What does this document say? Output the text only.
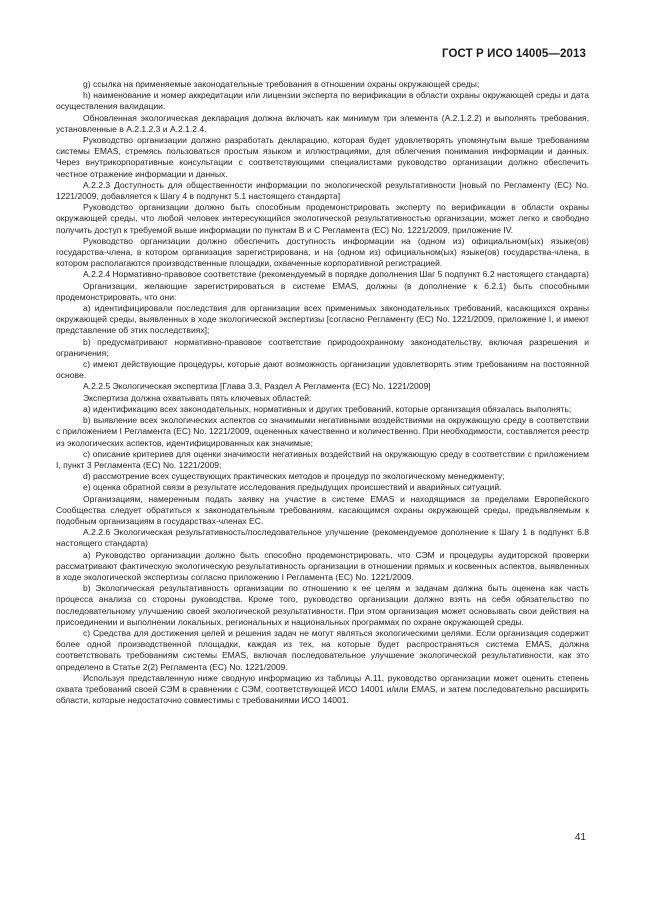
ГОСТ Р ИСО 14005—2013

g) ссылка на применяемые законодательные требования в отношении охраны окружающей среды;

h) наименование и номер аккредитации или лицензии эксперта по верификации в области охраны окружающей среды и дата осуществления валидации.

Обновленная экологическая декларация должна включать как минимум три элемента (А.2.1.2.2) и выполнять требования, установленные в А.2.1.2.3 и А.2.1.2.4.

Руководство организации должно разработать декларацию, которая будет удовлетворять упомянутым выше требованиям системы EMAS, стремясь пользоваться простым языком и иллюстрациями, для облегчения понимания информации и данных. Через внутрикорпоративные консультации с соответствующими специалистами руководство организации должно обеспечить честное отражение информации и данных.

А.2.2.3 Доступность для общественности информации по экологической результативности [новый по Регламенту (ЕС) No. 1221/2009, добавляется к Шагу 4 в подпункт 5.1 настоящего стандарта]

Руководство организации должно быть способным продемонстрировать эксперту по верификации в области охраны окружающей среды, что любой человек интересующийся экологической результативностью организации, может легко и свободно получить доступ к требуемой выше информации по пунктам В и С Регламента (ЕС) No. 1221/2009, приложение IV.

Руководство организации должно обеспечить доступность информации на (одном из) официальном(ых) языке(ов) государства-члена, в котором организация зарегистрирована, и на (одном из) официальном(ых) языке(ов) государства-члена, в котором располагаются производственные площадки, охваченные корпоративной регистрацией.

А.2.2.4 Нормативно-правовое соответствие (рекомендуемый в порядке дополнения Шаг 5 подпункт 6.2 настоящего стандарта)

Организации, желающие зарегистрироваться в системе EMAS, должны (в дополнение к 6.2.1) быть способными продемонстрировать, что они:

а) идентифицировали последствия для организации всех применимых законодательных требований, касающихся охраны окружающей среды, выявленных в ходе экологической экспертизы [согласно Регламенту (ЕС) No. 1221/2009, приложение I, и имеют представление об этих последствиях];

b) предусматривают нормативно-правовое соответствие природоохранному законодательству, включая разрешения и ограничения;

с) имеют действующие процедуры, которые дают возможность организации удовлетворять этим требованиям на постоянной основе.

А.2.2.5 Экологическая экспертиза [Глава 3.3, Раздел А Регламента (ЕС) No. 1221/2009]

Экспертиза должна охватывать пять ключевых областей:

а) идентификацию всех законодательных, нормативных и других требований, которые организация обязалась выполнять;

b) выявление всех экологических аспектов со значимыми негативными воздействиями на окружающую среду в соответствии с приложением I Регламента (ЕС) No. 1221/2009, оцененных качественно и количественно. При необходимости, составляется реестр из экологических аспектов, идентифицированных как значимые;

с) описание критериев для оценки значимости негативных воздействий на окружающую среду в соответствии с приложением I, пункт 3 Регламента (ЕС) No. 1221/2009;

d) рассмотрение всех существующих практических методов и процедур по экологическому менеджменту;

е) оценка обратной связи в результате исследования предыдущих происшествий и аварийных ситуаций.

Организациям, намеренным подать заявку на участие в системе EMAS и находящимся за пределами Европейского Сообщества следует обратиться к законодательным требованиям, касающимся охраны окружающей среды, предъявляемым к подобным организациям в государствах-членах ЕС.

А.2.2.6 Экологическая результативность/последовательное улучшение (рекомендуемое дополнение к Шагу 1 в подпункт 6.8 настоящего стандарта)

а) Руководство организации должно быть способно продемонстрировать, что СЭМ и процедуры аудиторской проверки рассматривают фактическую экологическую результативность организации в отношении прямых и косвенных аспектов, выявленных в ходе экологической экспертизы согласно приложению I Регламента (ЕС) No. 1221/2009.

b) Экологическая результативность организации по отношению к ее целям и задачам должна быть оценена как часть процесса анализа со стороны руководства. Кроме того, руководство организации должно взять на себя обязательство по последовательному улучшению своей экологической результативности. При этом организация может основывать свои действия на присоединении и выполнении локальных, региональных и национальных программах по охране окружающей среды.

с) Средства для достижения целей и решения задач не могут являться экологическими целями. Если организация содержит более одной производственной площадки, каждая из тех, на которые будет распространяться система EMAS, должна соответствовать требованиям системы EMAS, включая последовательное улучшение экологической результативности, как это определено в Статье 2(2) Регламента (ЕС) No. 1221/2009.

Используя представленную ниже сводную информацию из таблицы А.11, руководство организации может оценить степень охвата требований своей СЭМ в сравнении с СЭМ, соответствующей ИСО 14001 и/или EMAS, и затем последовательно расширить области, которые недостаточно совместимы с требованиями ИСО 14001.

41
